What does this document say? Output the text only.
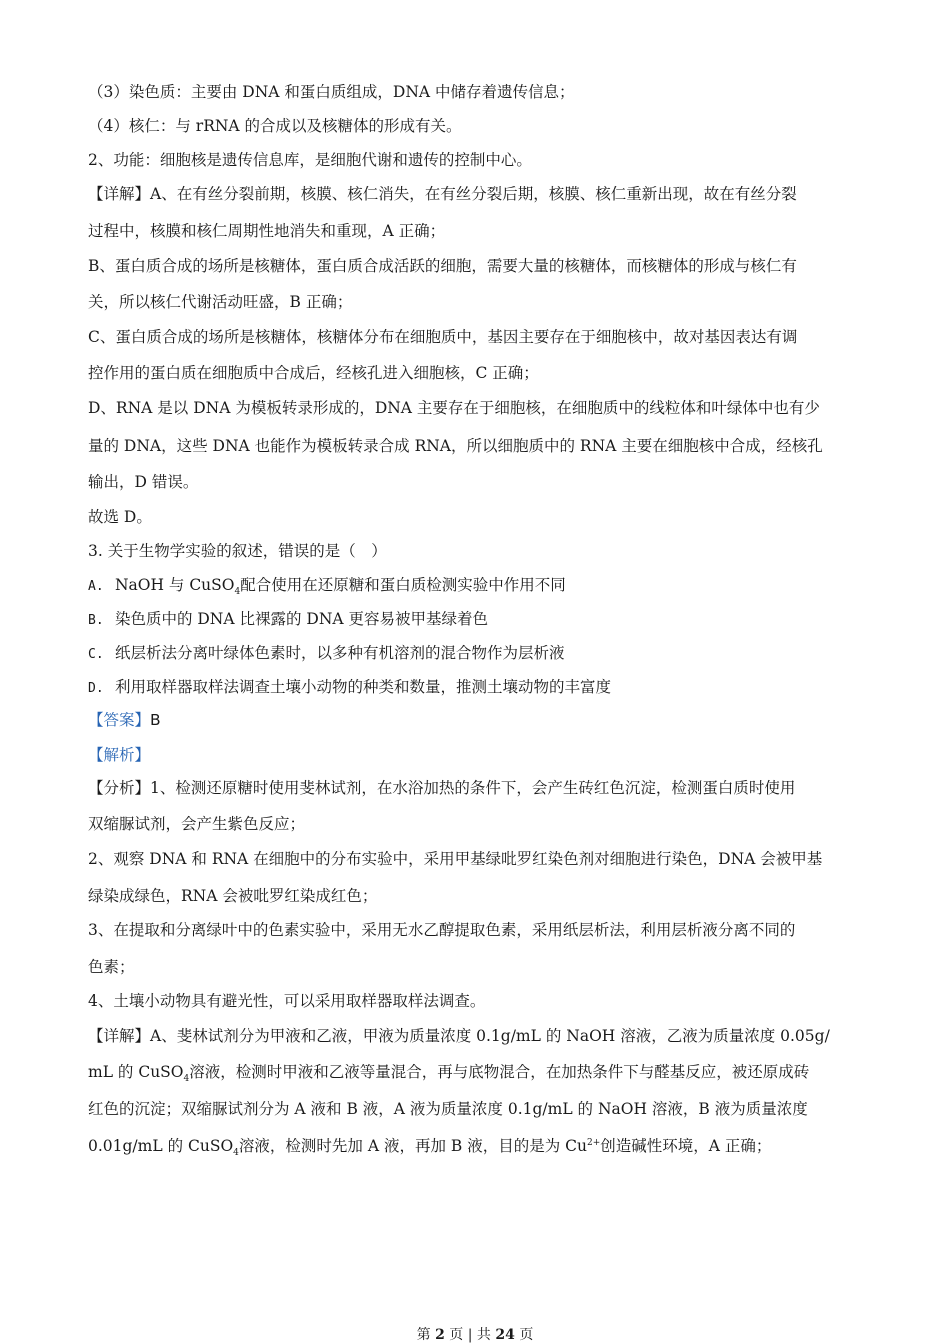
（3）染色质：主要由 DNA 和蛋白质组成，DNA 中储存着遗传信息；
（4）核仁：与 rRNA 的合成以及核糖体的形成有关。
2、功能：细胞核是遗传信息库，是细胞代谢和遗传的控制中心。
【详解】A、在有丝分裂前期，核膜、核仁消失，在有丝分裂后期，核膜、核仁重新出现，故在有丝分裂
过程中，核膜和核仁周期性地消失和重现，A 正确；
B、蛋白质合成的场所是核糖体，蛋白质合成活跃的细胞，需要大量的核糖体，而核糖体的形成与核仁有
关，所以核仁代谢活动旺盛，B 正确；
C、蛋白质合成的场所是核糖体，核糖体分布在细胞质中，基因主要存在于细胞核中，故对基因表达有调
控作用的蛋白质在细胞质中合成后，经核孔进入细胞核，C 正确；
D、RNA 是以 DNA 为模板转录形成的，DNA 主要存在于细胞核，在细胞质中的线粒体和叶绿体中也有少
量的 DNA，这些 DNA 也能作为模板转录合成 RNA，所以细胞质中的 RNA 主要在细胞核中合成，经核孔
输出，D 错误。
故选 D。
3. 关于生物学实验的叙述，错误的是（　）
A. NaOH 与 CuSO$_4$配合使用在还原糖和蛋白质检测实验中作用不同
B. 染色质中的 DNA 比裸露的 DNA 更容易被甲基绿着色
C. 纸层析法分离叶绿体色素时，以多种有机溶剂的混合物作为层析液
D. 利用取样器取样法调查土壤小动物的种类和数量，推测土壤动物的丰富度
【答案】B
【解析】
【分析】1、检测还原糖时使用斐林试剂，在水浴加热的条件下，会产生砖红色沉淀，检测蛋白质时使用
双缩脲试剂，会产生紫色反应；
2、观察 DNA 和 RNA 在细胞中的分布实验中，采用甲基绿吡罗红染色剂对细胞进行染色，DNA 会被甲基
绿染成绿色，RNA 会被吡罗红染成红色；
3、在提取和分离绿叶中的色素实验中，采用无水乙醇提取色素，采用纸层析法，利用层析液分离不同的
色素；
4、土壤小动物具有避光性，可以采用取样器取样法调查。
【详解】A、斐林试剂分为甲液和乙液，甲液为质量浓度 0.1g/mL 的 NaOH 溶液，乙液为质量浓度 0.05g/
mL 的 CuSO$_4$溶液，检测时甲液和乙液等量混合，再与底物混合，在加热条件下与醛基反应，被还原成砖
红色的沉淀；双缩脲试剂分为 A 液和 B 液，A 液为质量浓度 0.1g/mL 的 NaOH 溶液，B 液为质量浓度
0.01g/mL 的 CuSO$_4$溶液，检测时先加 A 液，再加 B 液，目的是为 $Cu^{2+}$创造碱性环境，A 正确；
第 2 页 | 共 24 页
